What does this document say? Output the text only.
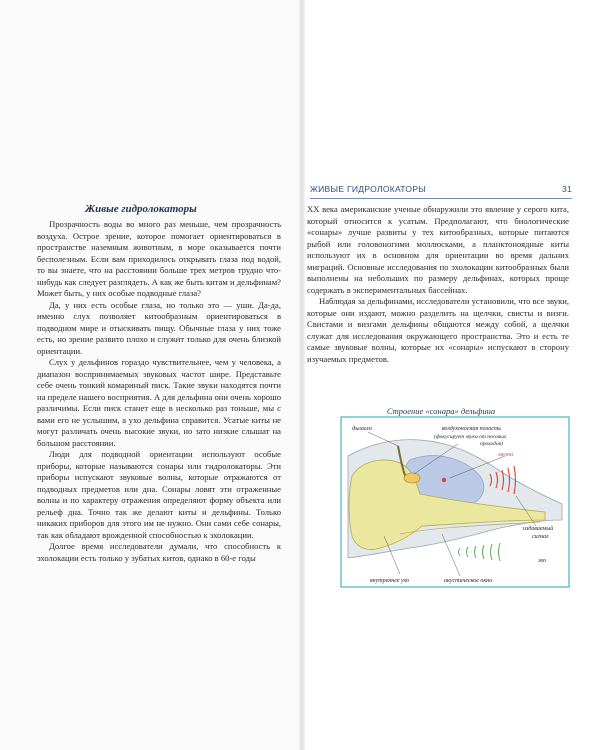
ЖИВЫЕ ГИДРОЛОКАТОРЫ	31
Живые гидролокаторы

Прозрачность воды во много раз меньше, чем прозрачность воздуха. Острое зрение, которое помогает ориентироваться в пространстве наземным животным, в море оказывается почти бесполезным. Если вам приходилось открывать глаза под водой, то вы знаете, что на расстоянии больше трех метров трудно что-нибудь как следует разглядеть. А как же быть китам и дельфинам? Может быть, у них особые подводные глаза?

Да, у них есть особые глаза, но только это — уши. Да-да, именно слух позволяет китообразным ориентироваться в подводном мире и отыскивать пищу. Обычные глаза у них тоже есть, но зрение развито плохо и служит только для очень близкой ориентации.

Слух у дельфинов гораздо чувствительнее, чем у человека, а диапазон воспринимаемых звуковых частот шире. Представьте себе очень тонкий комариный писк. Такие звуки находятся почти на пределе нашего восприятия. А для дельфина они очень хорошо различимы. Если писк станет еще в несколько раз тоньше, мы с вами его не услышим, а ухо дельфина справится. Усатые киты не могут различать очень высокие звуки, но зато низкие слышат на большом расстоянии.

Люди для подводной ориентации используют особые приборы, которые называются сонары или гидролокаторы. Эти приборы испускают звуковые волны, которые отражаются от подводных предметов или дна. Сонары ловят эти отраженные волны и по характеру отражения определяют форму объекта или рельеф дна. Точно так же делают киты и дельфины. Только никаких приборов для этого им не нужно. Они сами себе сонары, так как обладают врожденной способностью к эхолокации.

Долгое время исследователи думали, что способность к эхолокации есть только у зубатых китов, однако в 60-е годы

XX века американские ученые обнаружили это явление у серого кита, который относится к усатым. Предполагают, что биологические «сонары» лучше развиты у тех китообразных, которые питаются рыбой или головоногими моллюсками, а планктоноядные киты используют их в основном для ориентации во время дальних миграций. Основные исследования по эхолокации китообразных были выполнены на небольших по размеру дельфинах, которых проще содержать в экспериментальных бассейнах.

Наблюдая за дельфинами, исследователи установили, что все звуки, которые они издают, можно разделить на щелчки, свисты и визги. Свистами и визгами дельфины общаются между собой, а щелчки служат для исследования окружающего пространства. Это и есть те самые звуковые волны, которые их «сонары» испускают в сторону изучаемых предметов.

Строение «сонара» дельфина
дыхало	воздухоносная полость
(фокусирует звуки от носовых
проходов)
мелон
издаваемый
сигнал
эхо
внутреннее ухо	акустическое окно
